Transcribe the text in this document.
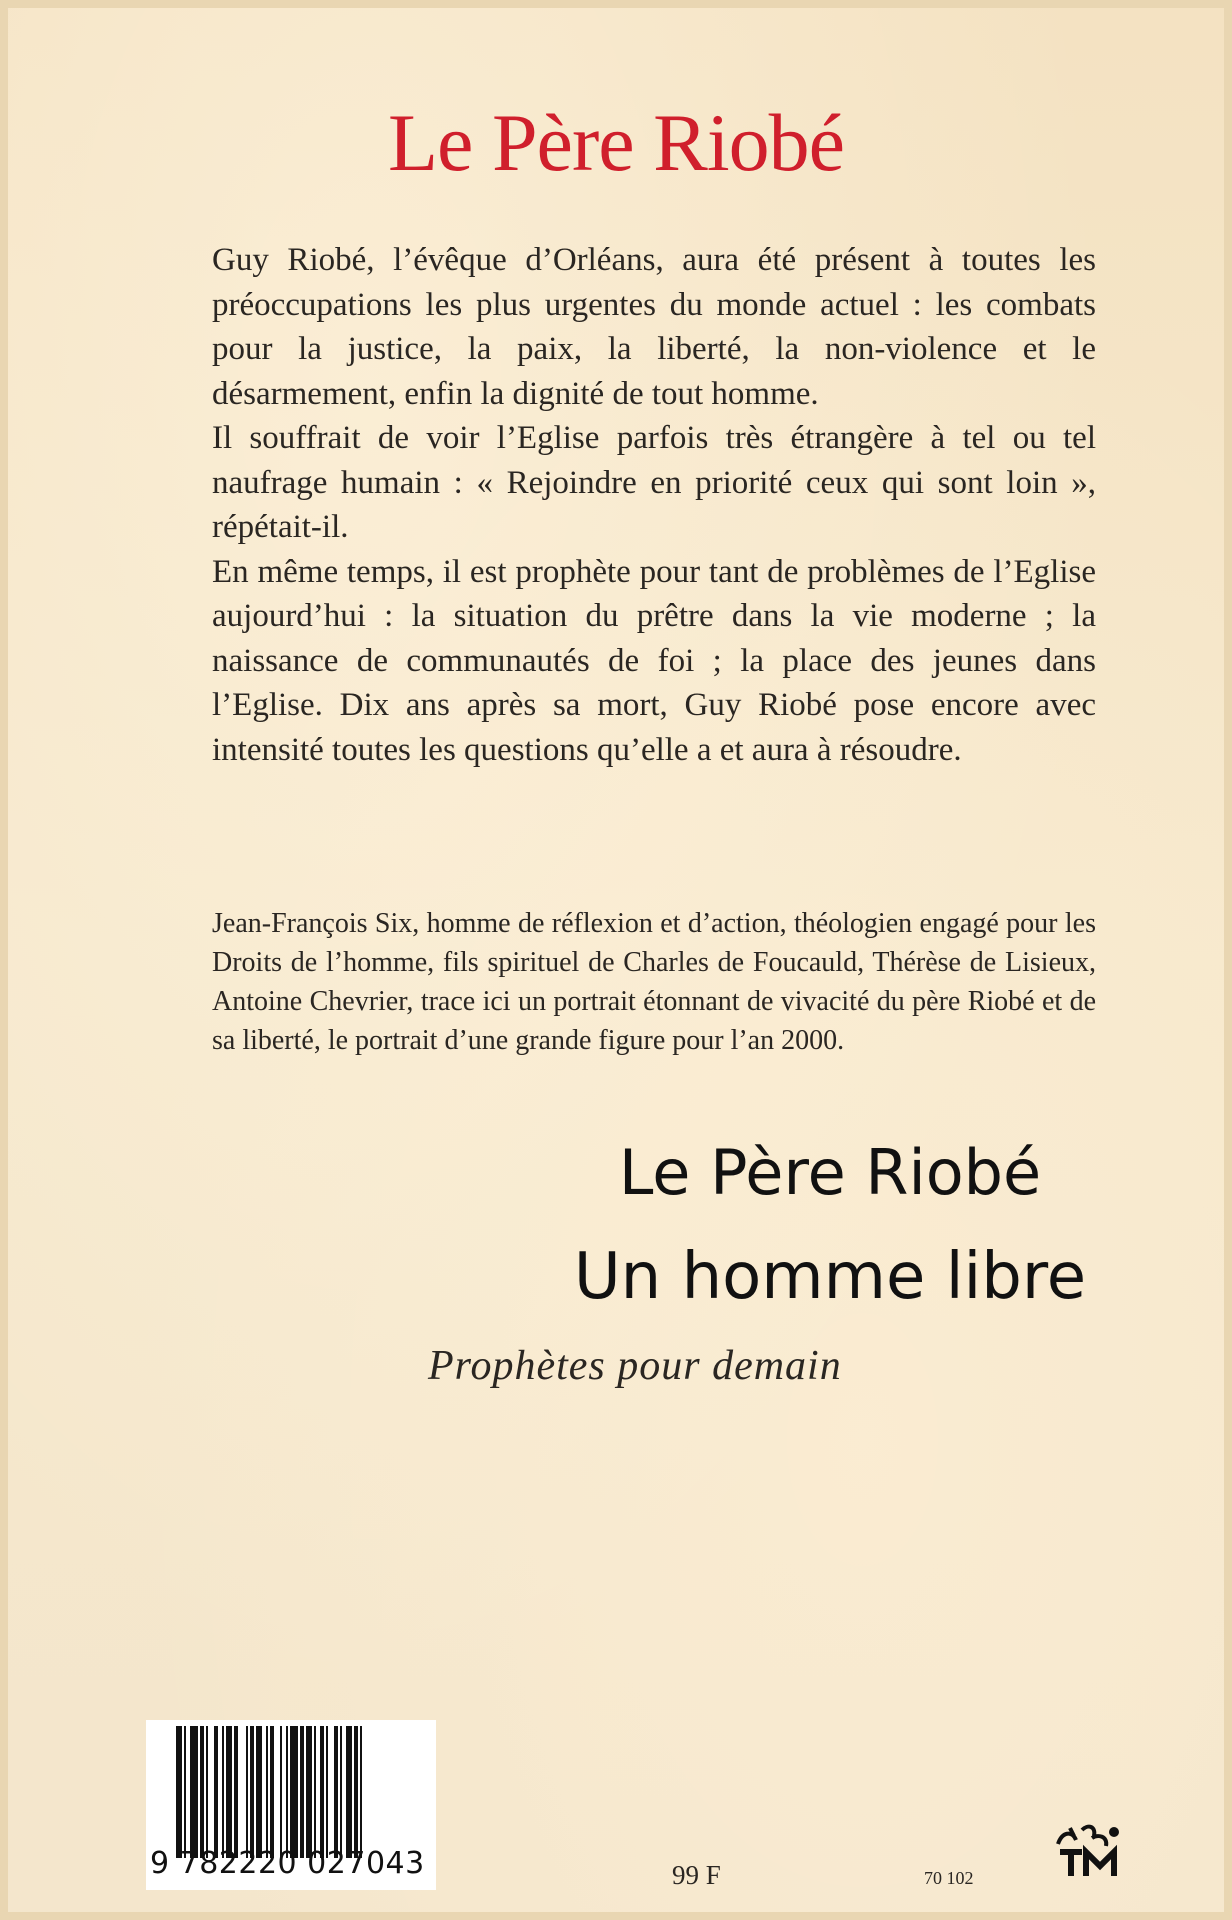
Le Père Riobé

Guy Riobé, l’évêque d’Orléans, aura été présent à toutes les préoccupations les plus urgentes du monde actuel : les combats pour la justice, la paix, la liberté, la non-violence et le désarmement, enfin la dignité de tout homme.

Il souffrait de voir l’Eglise parfois très étrangère à tel ou tel naufrage humain : « Rejoindre en priorité ceux qui sont loin », répétait-il.

En même temps, il est prophète pour tant de problèmes de l’Eglise aujourd’hui : la situation du prêtre dans la vie moderne ; la naissance de communautés de foi ; la place des jeunes dans l’Eglise. Dix ans après sa mort, Guy Riobé pose encore avec intensité toutes les questions qu’elle a et aura à résoudre.

Jean-François Six, homme de réflexion et d’action, théologien engagé pour les Droits de l’homme, fils spirituel de Charles de Foucauld, Thérèse de Lisieux, Antoine Chevrier, trace ici un portrait étonnant de vivacité du père Riobé et de sa liberté, le portrait d’une grande figure pour l’an 2000.
Le Père Riobé
Un homme libre
Prophètes pour demain
9 782220 027043	99 F	70 102
